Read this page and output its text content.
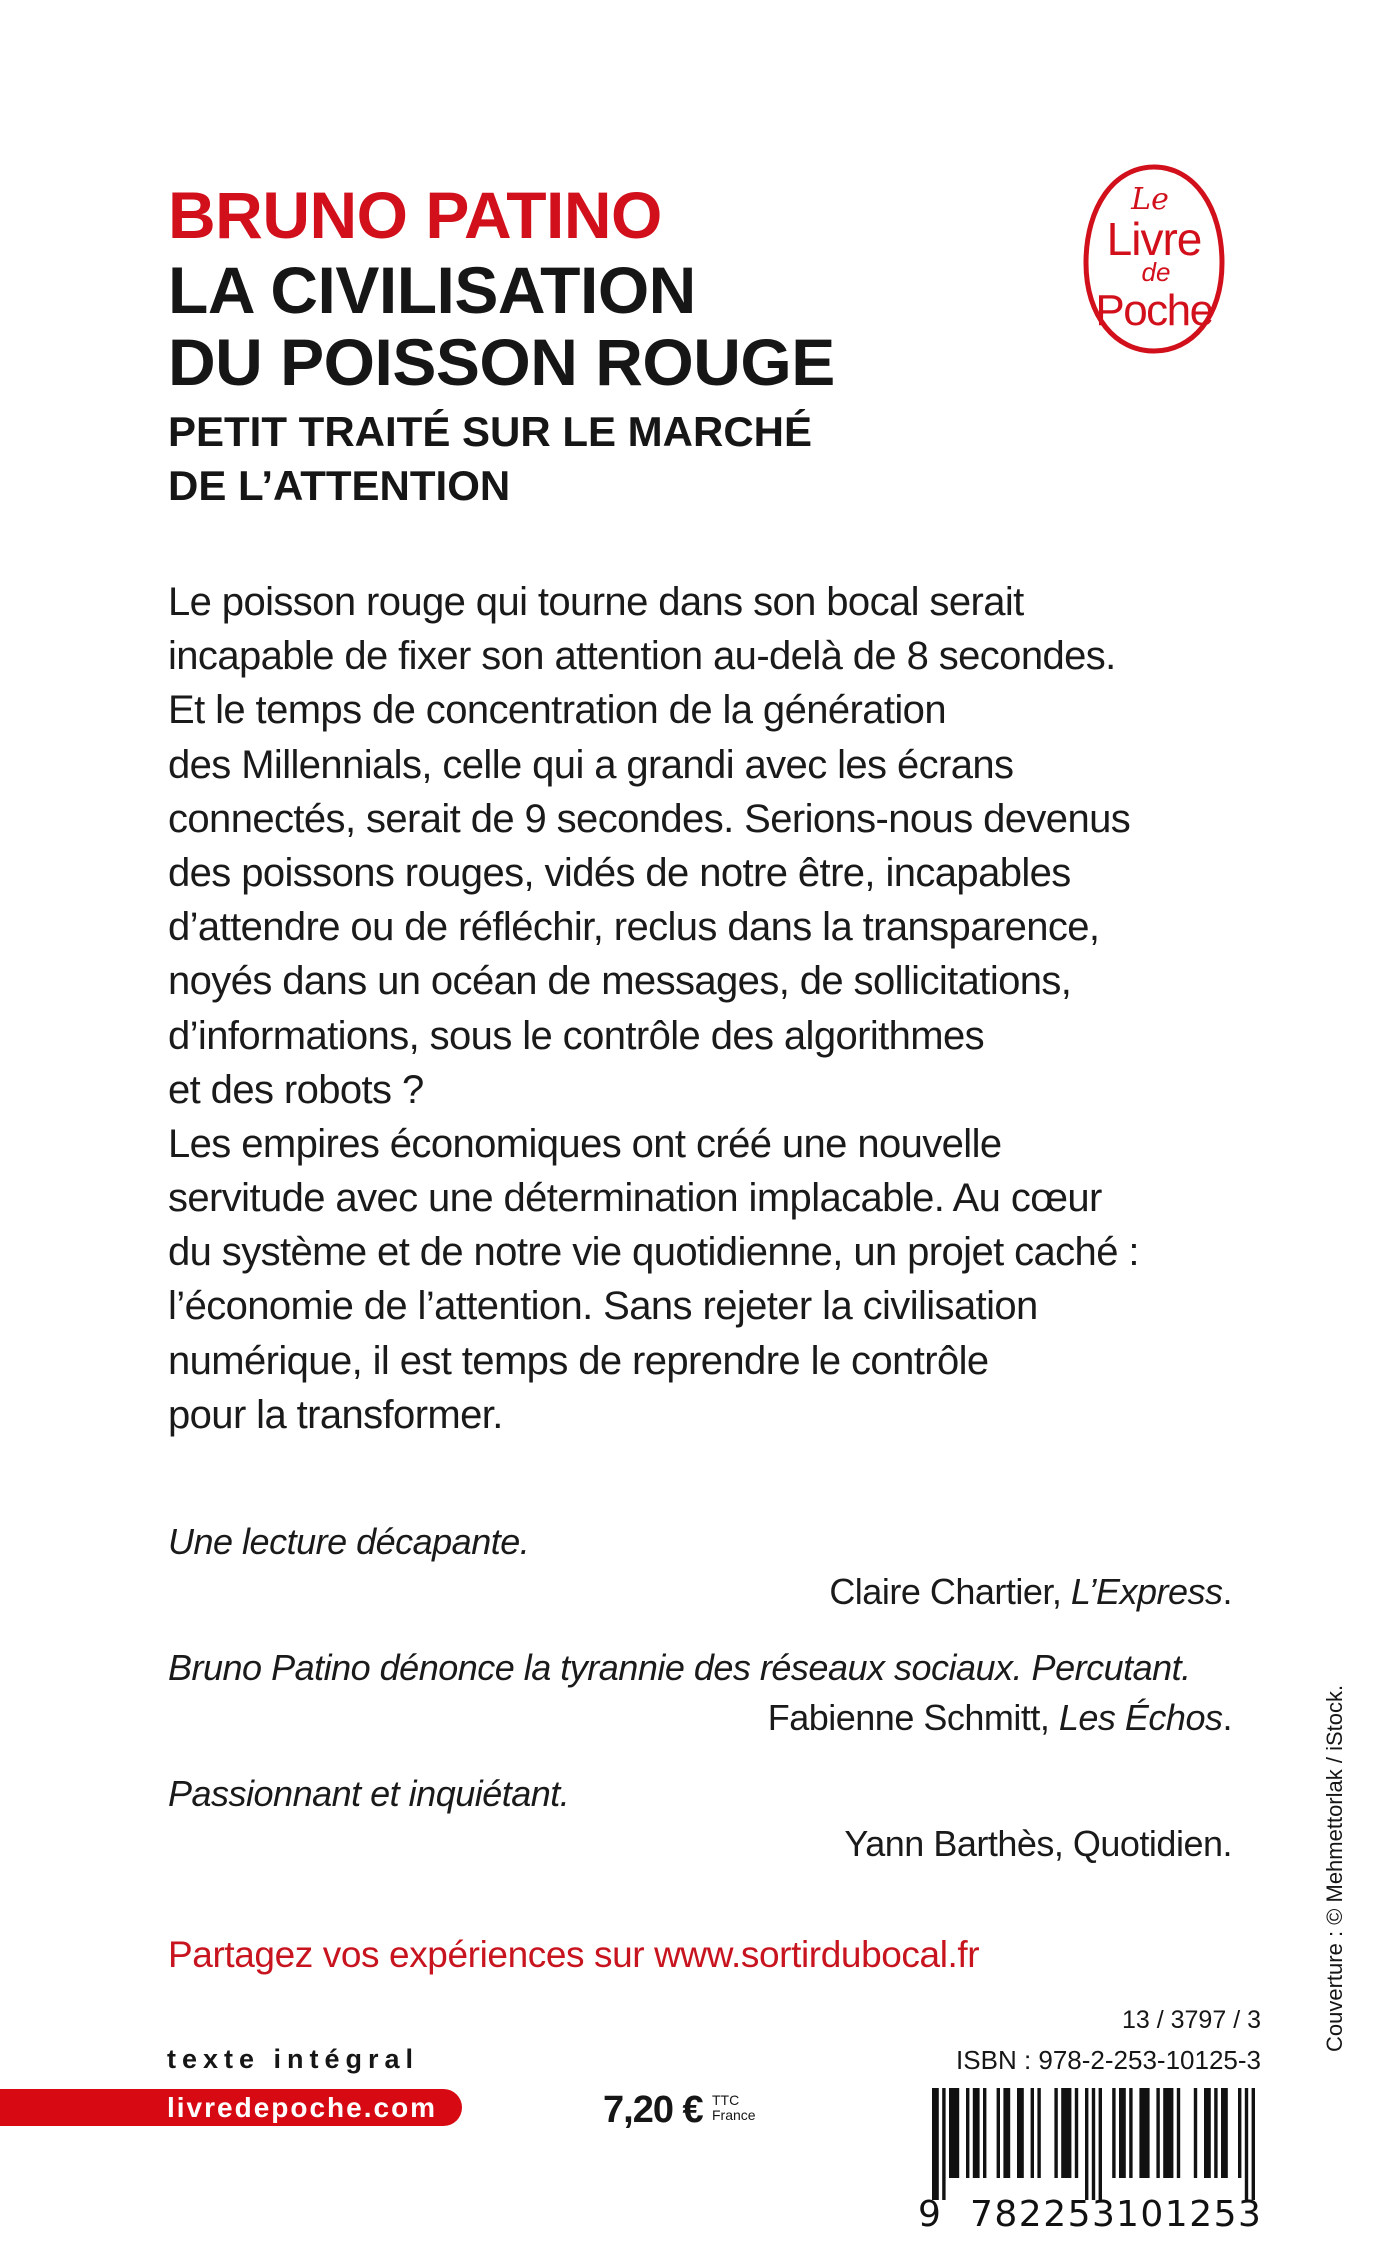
BRUNO PATINO
LA CIVILISATION
DU POISSON ROUGE
PETIT TRAITÉ SUR LE MARCHÉ
DE L’ATTENTION
Le
Livre
de
Poche
Le poisson rouge qui tourne dans son bocal serait
incapable de fixer son attention au-delà de 8 secondes.
Et le temps de concentration de la génération
des Millennials, celle qui a grandi avec les écrans
connectés, serait de 9 secondes. Serions-nous devenus
des poissons rouges, vidés de notre être, incapables
d’attendre ou de réfléchir, reclus dans la transparence,
noyés dans un océan de messages, de sollicitations,
d’informations, sous le contrôle des algorithmes
et des robots ?
Les empires économiques ont créé une nouvelle
servitude avec une détermination implacable. Au cœur
du système et de notre vie quotidienne, un projet caché :
l’économie de l’attention. Sans rejeter la civilisation
numérique, il est temps de reprendre le contrôle
pour la transformer.
Une lecture décapante.
Claire Chartier, L’Express.
Bruno Patino dénonce la tyrannie des réseaux sociaux. Percutant.
Fabienne Schmitt, Les Échos.
Passionnant et inquiétant.
Yann Barthès, Quotidien.
Partagez vos expériences sur www.sortirdubocal.fr
texte intégral
livredepoche.com	7,20 € TTC
France
13 / 3797 / 3
ISBN : 978-2-253-10125-3
9 782253 101253
Couverture : © Mehmettorlak / iStock.
